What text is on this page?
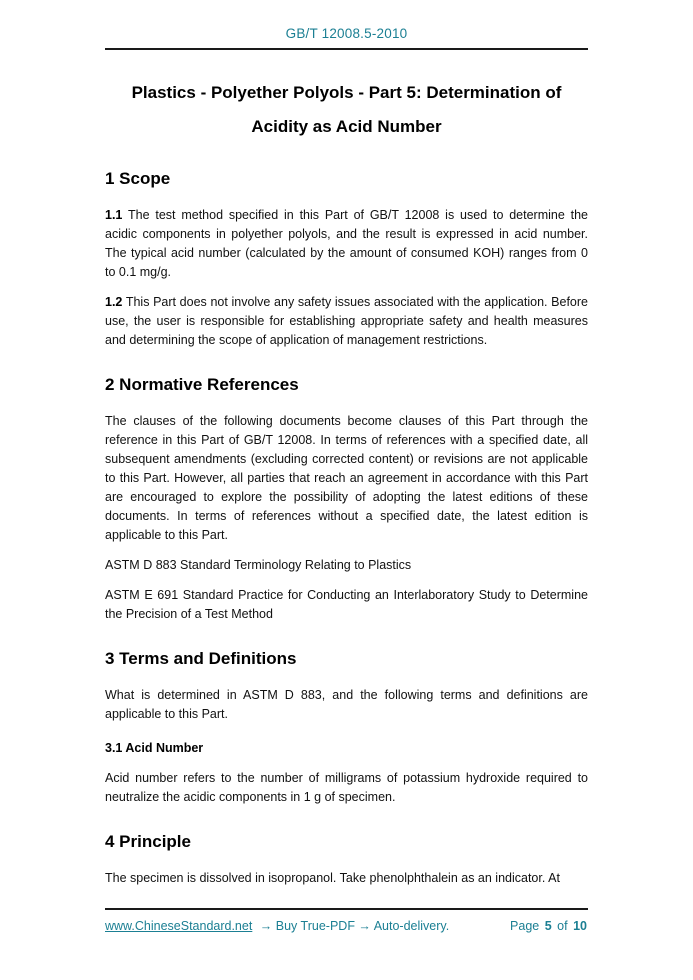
GB/T 12008.5-2010
Plastics - Polyether Polyols - Part 5: Determination of
Acidity as Acid Number
1 Scope

1.1 The test method specified in this Part of GB/T 12008 is used to determine the acidic components in polyether polyols, and the result is expressed in acid number. The typical acid number (calculated by the amount of consumed KOH) ranges from 0 to 0.1 mg/g.

1.2 This Part does not involve any safety issues associated with the application. Before use, the user is responsible for establishing appropriate safety and health measures and determining the scope of application of management restrictions.

2 Normative References

The clauses of the following documents become clauses of this Part through the reference in this Part of GB/T 12008. In terms of references with a specified date, all subsequent amendments (excluding corrected content) or revisions are not applicable to this Part. However, all parties that reach an agreement in accordance with this Part are encouraged to explore the possibility of adopting the latest editions of these documents. In terms of references without a specified date, the latest edition is applicable to this Part.

ASTM D 883 Standard Terminology Relating to Plastics

ASTM E 691 Standard Practice for Conducting an Interlaboratory Study to Determine the Precision of a Test Method

3 Terms and Definitions

What is determined in ASTM D 883, and the following terms and definitions are applicable to this Part.

3.1 Acid Number

Acid number refers to the number of milligrams of potassium hydroxide required to neutralize the acidic components in 1 g of specimen.

4 Principle

The specimen is dissolved in isopropanol. Take phenolphthalein as an indicator. At

www.ChineseStandard.net → Buy True-PDF → Auto-delivery.	Page 5 of 10
